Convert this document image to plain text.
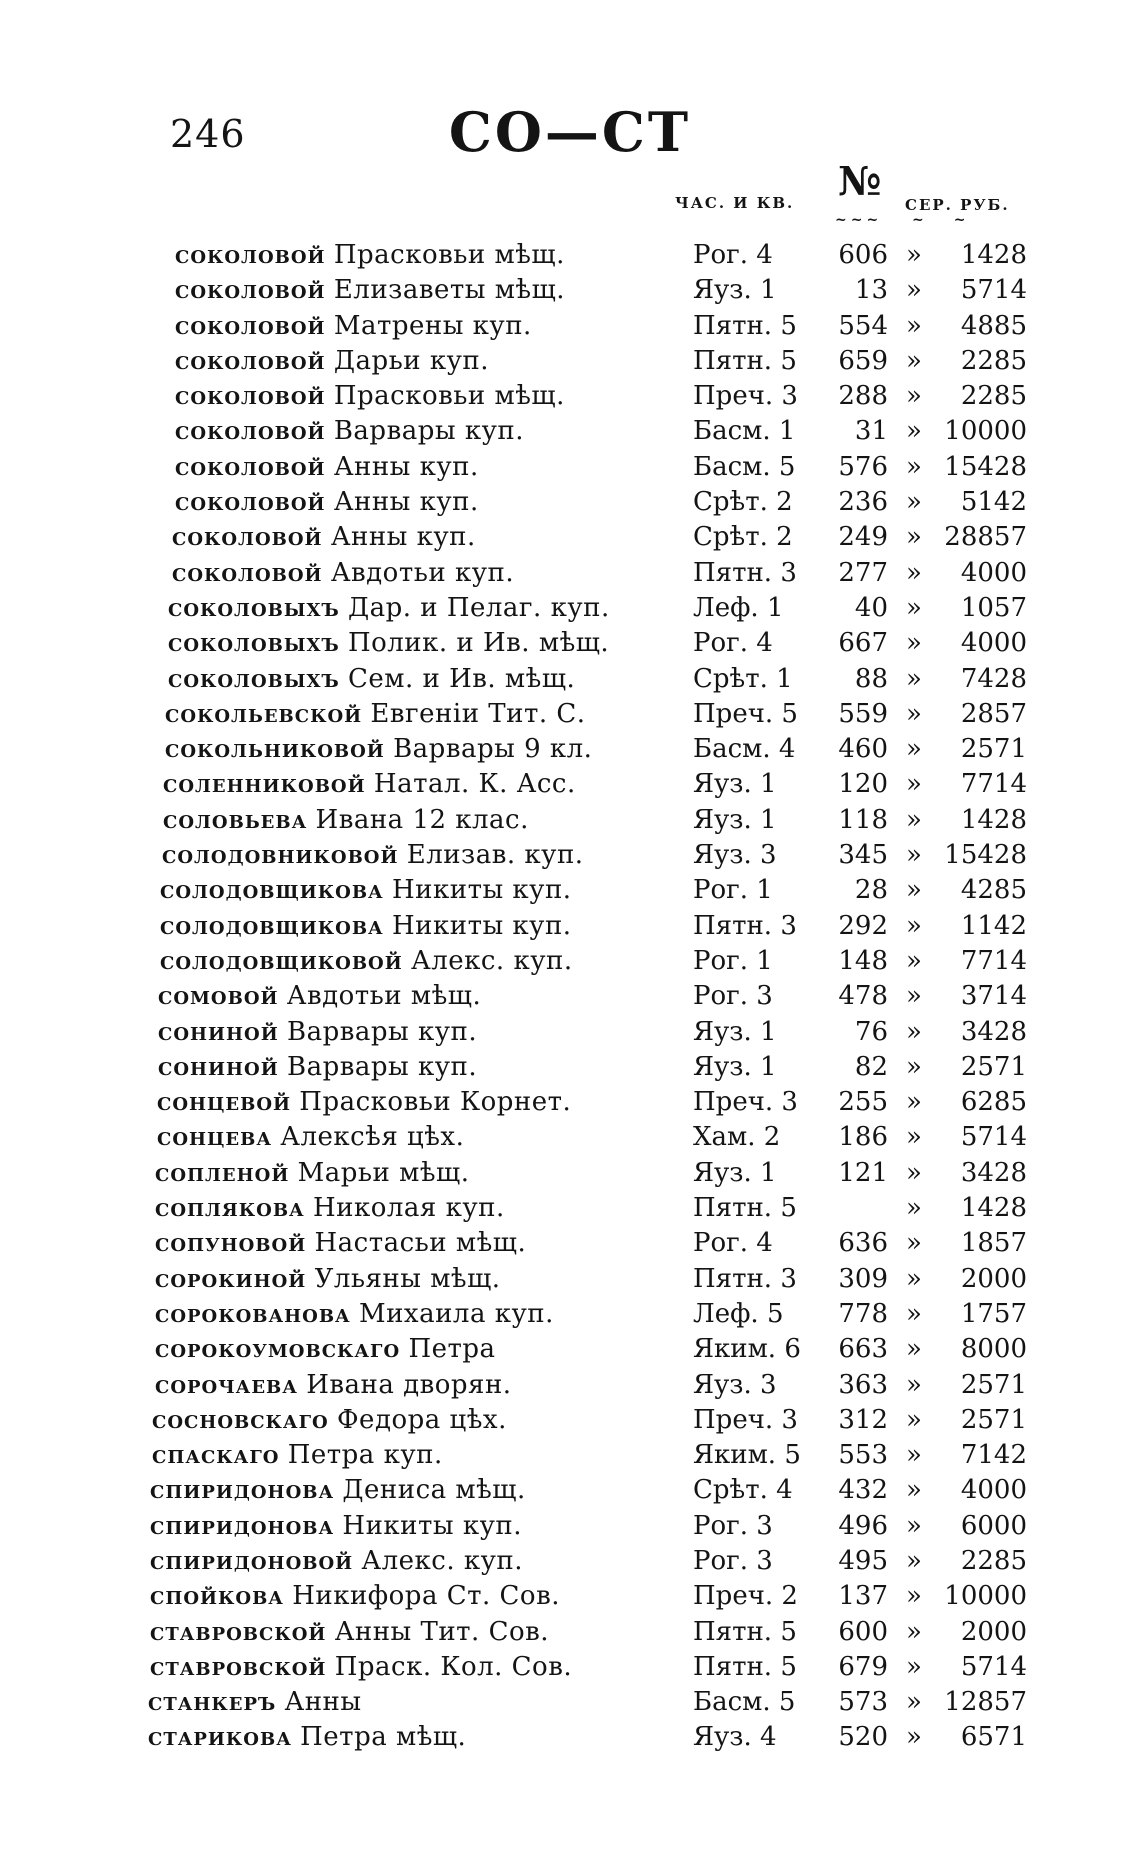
246	СО—СТ
ЧАС. И КВ. №
~~~
СЕР. РУБ.
~~
соколовой Прасковьи мѣщ.	Рог. 4	606 »	1428
соколовой Елизаветы мѣщ.	Яуз. 1	13 »	5714
соколовой Матрены куп.	Пятн. 5	554 »	4885
соколовой Дарьи куп.	Пятн. 5	659 »	2285
соколовой Прасковьи мѣщ.	Преч. 3	288 »	2285
соколовой Варвары куп.	Басм. 1	31 » 10000
соколовой Анны куп.	Басм. 5	576 » 15428
соколовой Анны куп.	Срѣт. 2	236 »	5142
соколовой Анны куп.	Срѣт. 2	249 » 28857
соколовой Авдотьи куп.	Пятн. 3	277 »	4000
соколовыхъ Дар. и Пелаг. куп.	Леф. 1	40 »	1057
соколовыхъ Полик. и Ив. мѣщ.	Рог. 4	667 »	4000
соколовыхъ Сем. и Ив. мѣщ.	Срѣт. 1	88 »	7428
сокольевской Евгеніи Тит. С.	Преч. 5	559 »	2857
сокольниковой Варвары 9 кл.	Басм. 4	460 »	2571
соленниковой Натал. К. Асс.	Яуз. 1	120 »	7714
соловьева Ивана 12 клас.	Яуз. 1	118 »	1428
солодовниковой Елизав. куп.	Яуз. 3	345 » 15428
солодовщикова Никиты куп.	Рог. 1	28 »	4285
солодовщикова Никиты куп.	Пятн. 3	292 »	1142
солодовщиковой Алекс. куп.	Рог. 1	148 »	7714
сомовой Авдотьи мѣщ.	Рог. 3	478 »	3714
сониной Варвары куп.	Яуз. 1	76 »	3428
сониной Варвары куп.	Яуз. 1	82 »	2571
сонцевой Прасковьи Корнет.	Преч. 3	255 »	6285
сонцева Алексѣя цѣх.	Хам. 2	186 »	5714
сопленой Марьи мѣщ.	Яуз. 1	121 »	3428
соплякова Николая куп.	Пятн. 5	»	1428
сопуновой Настасьи мѣщ.	Рог. 4	636 »	1857
сорокиной Ульяны мѣщ.	Пятн. 3	309 »	2000
сорокованова Михаила куп.	Леф. 5	778 »	1757
сорокоумовскаго Петра	Яким. 6	663 »	8000
сорочаева Ивана дворян.	Яуз. 3	363 »	2571
сосновскаго Федора цѣх.	Преч. 3	312 »	2571
спаскаго Петра куп.	Яким. 5	553 »	7142
спиридонова Дениса мѣщ.	Срѣт. 4	432 »	4000
спиридонова Никиты куп.	Рог. 3	496 »	6000
спиридоновой Алекс. куп.	Рог. 3	495 »	2285
спойкова Никифора Ст. Сов.	Преч. 2	137 » 10000
ставровской Анны Тит. Сов.	Пятн. 5	600 »	2000
ставровской Праск. Кол. Сов.	Пятн. 5	679 »	5714
станкеръ Анны	Басм. 5	573 » 12857
старикова Петра мѣщ.	Яуз. 4	520 »	6571
